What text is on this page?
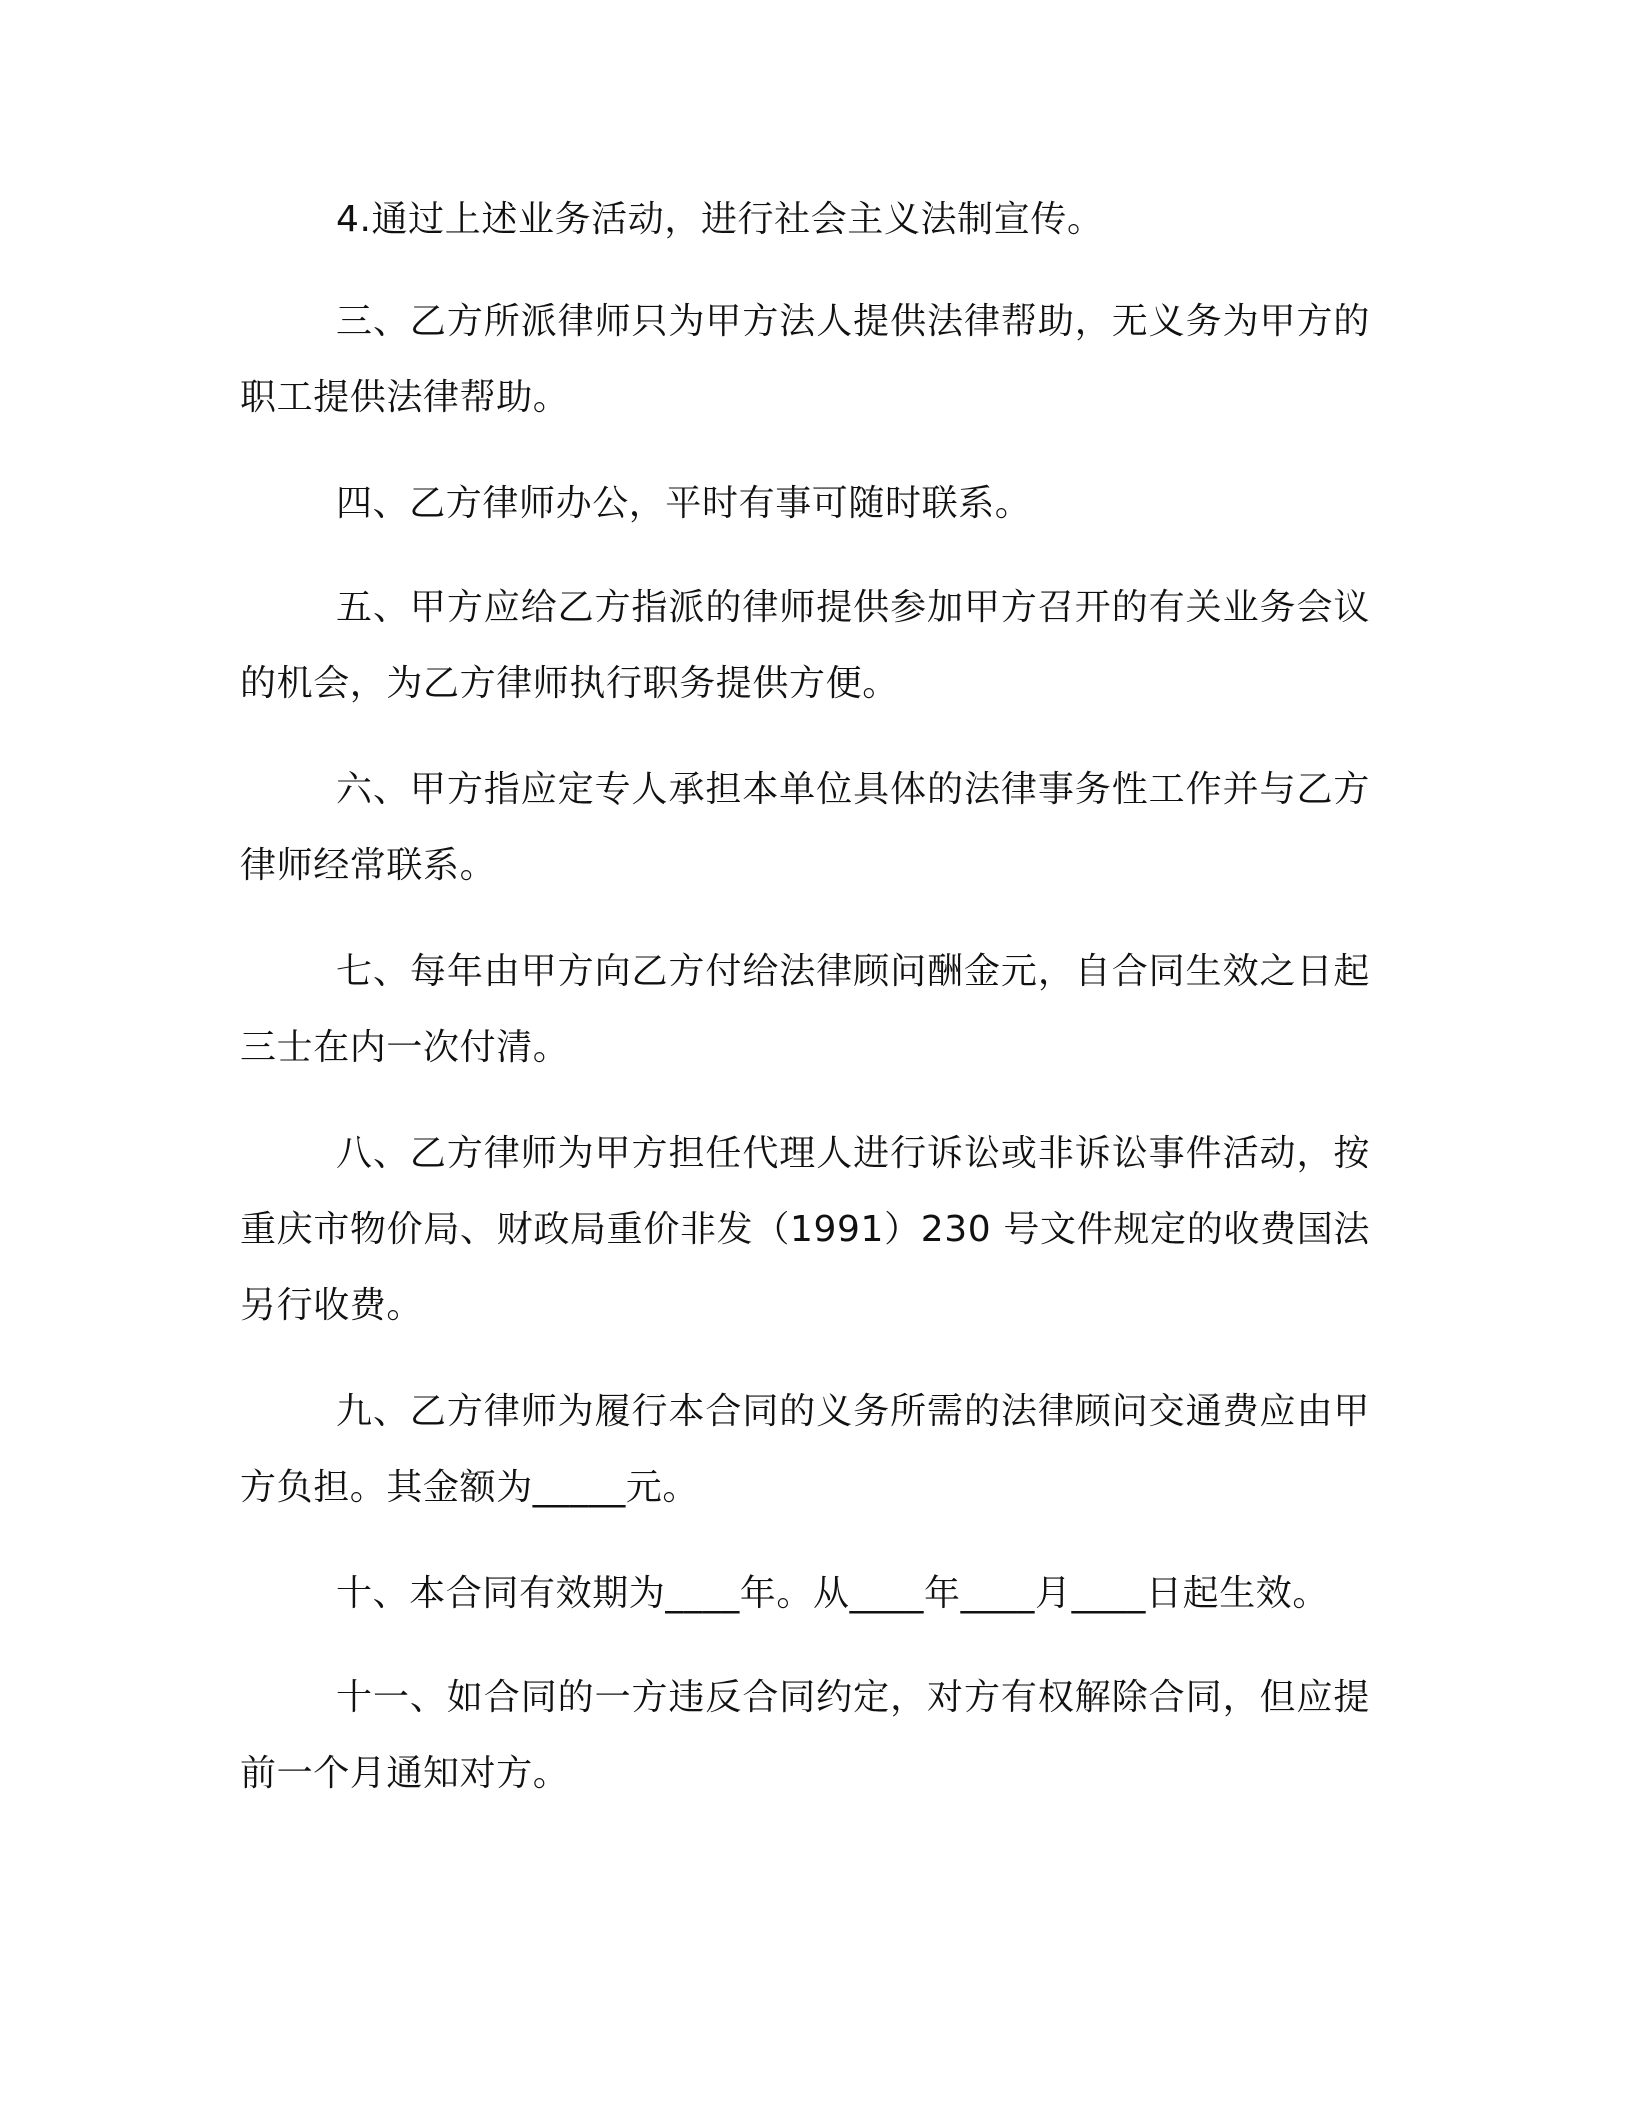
4.通过上述业务活动，进行社会主义法制宣传。

三、乙方所派律师只为甲方法人提供法律帮助，无义务为甲方的职工提供法律帮助。

四、乙方律师办公，平时有事可随时联系。

五、甲方应给乙方指派的律师提供参加甲方召开的有关业务会议的机会，为乙方律师执行职务提供方便。

六、甲方指应定专人承担本单位具体的法律事务性工作并与乙方律师经常联系。

七、每年由甲方向乙方付给法律顾问酬金元，自合同生效之日起三士在内一次付清。

八、乙方律师为甲方担任代理人进行诉讼或非诉讼事件活动，按重庆市物价局、财政局重价非发（1991）230 号文件规定的收费国法另行收费。

九、乙方律师为履行本合同的义务所需的法律顾问交通费应由甲方负担。其金额为_____元。

十、本合同有效期为____年。从____年____月____日起生效。

十一、如合同的一方违反合同约定，对方有权解除合同，但应提前一个月通知对方。
